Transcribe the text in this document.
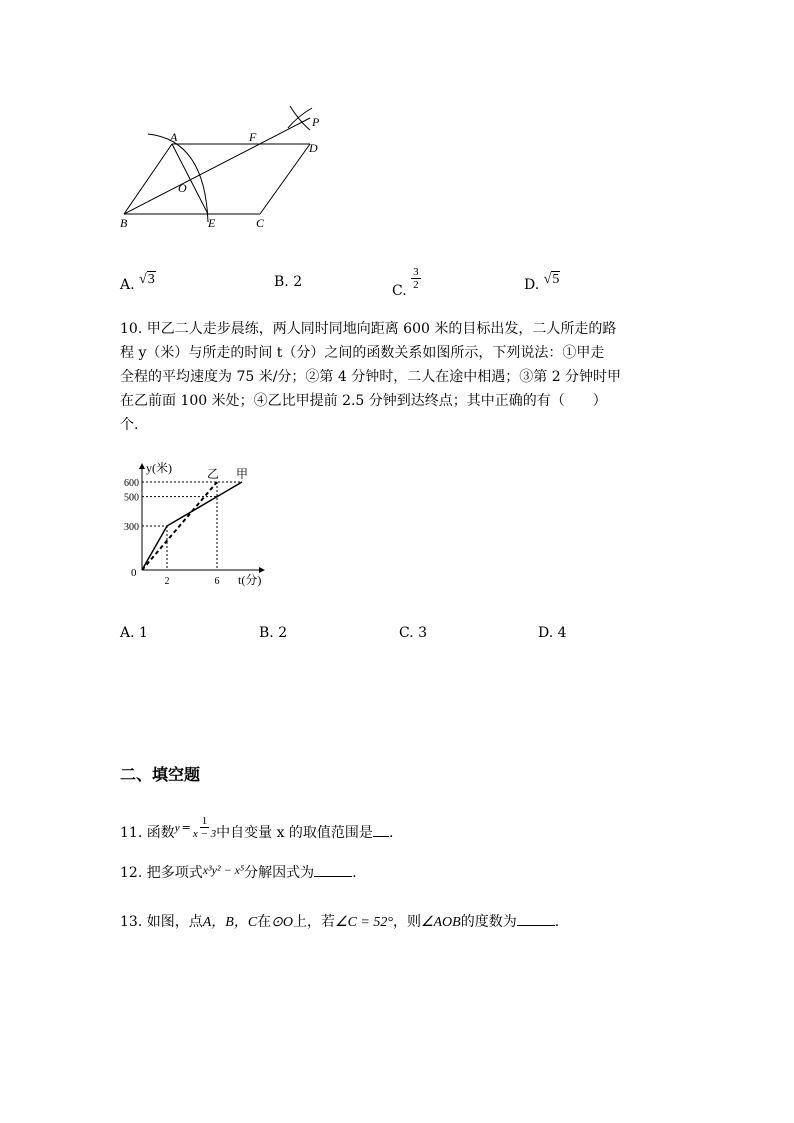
A	F
D
P
O
B	E	C
A. √3	B. 2
C. $\frac{3}{2}$	D. √5
10. 甲乙二人走步晨练，两人同时同地向距离 600 米的目标出发，二人所走的路
程 y（米）与所走的时间 t（分）之间的函数关系如图所示，下列说法：①甲走
全程的平均速度为 75 米/分；②第 4 分钟时，二人在途中相遇；③第 2 分钟时甲
在乙前面 100 米处；④乙比甲提前 2.5 分钟到达终点；其中正确的有（　　）
个.
y(米)
t(分)
0
600
500
300
2	6
甲
乙
A. 1	B. 2	C. 3	D. 4
二、填空题
11. 函数$^y$ $^= \frac{1}{x - 3}$ 中自变量 x 的取值范围是 .
12. 把多项式x³y² − x⁵分解因式为	.
13. 如图，点A，B，C在⊙O上，若∠C = 52°，则∠AOB的度数为	.
